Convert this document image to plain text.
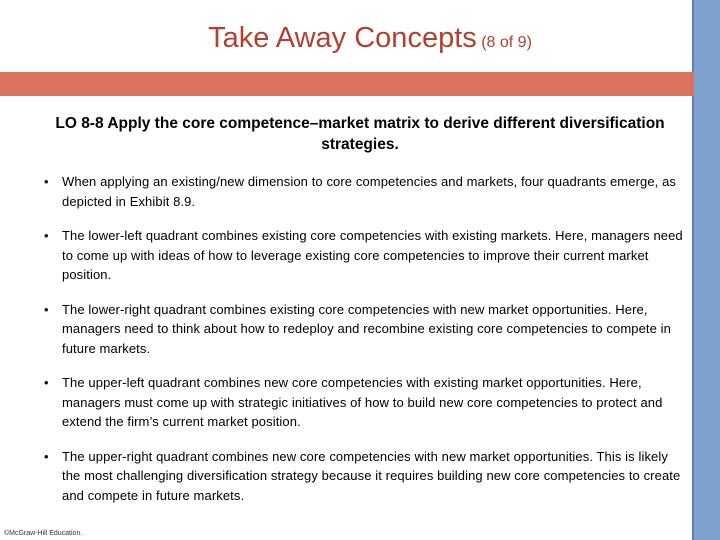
Take Away Concepts (8 of 9)
LO 8-8 Apply the core competence–market matrix to derive different diversification strategies.
• When applying an existing/new dimension to core competencies and markets, four quadrants emerge, as depicted in Exhibit 8.9.
• The lower-left quadrant combines existing core competencies with existing markets. Here, managers need to come up with ideas of how to leverage existing core competencies to improve their current market position.
• The lower-right quadrant combines existing core competencies with new market opportunities. Here, managers need to think about how to redeploy and recombine existing core competencies to compete in future markets.
• The upper-left quadrant combines new core competencies with existing market opportunities. Here, managers must come up with strategic initiatives of how to build new core competencies to protect and extend the firm’s current market position.
• The upper-right quadrant combines new core competencies with new market opportunities. This is likely the most challenging diversification strategy because it requires building new core competencies to create and compete in future markets.
©McGraw-Hill Education.
